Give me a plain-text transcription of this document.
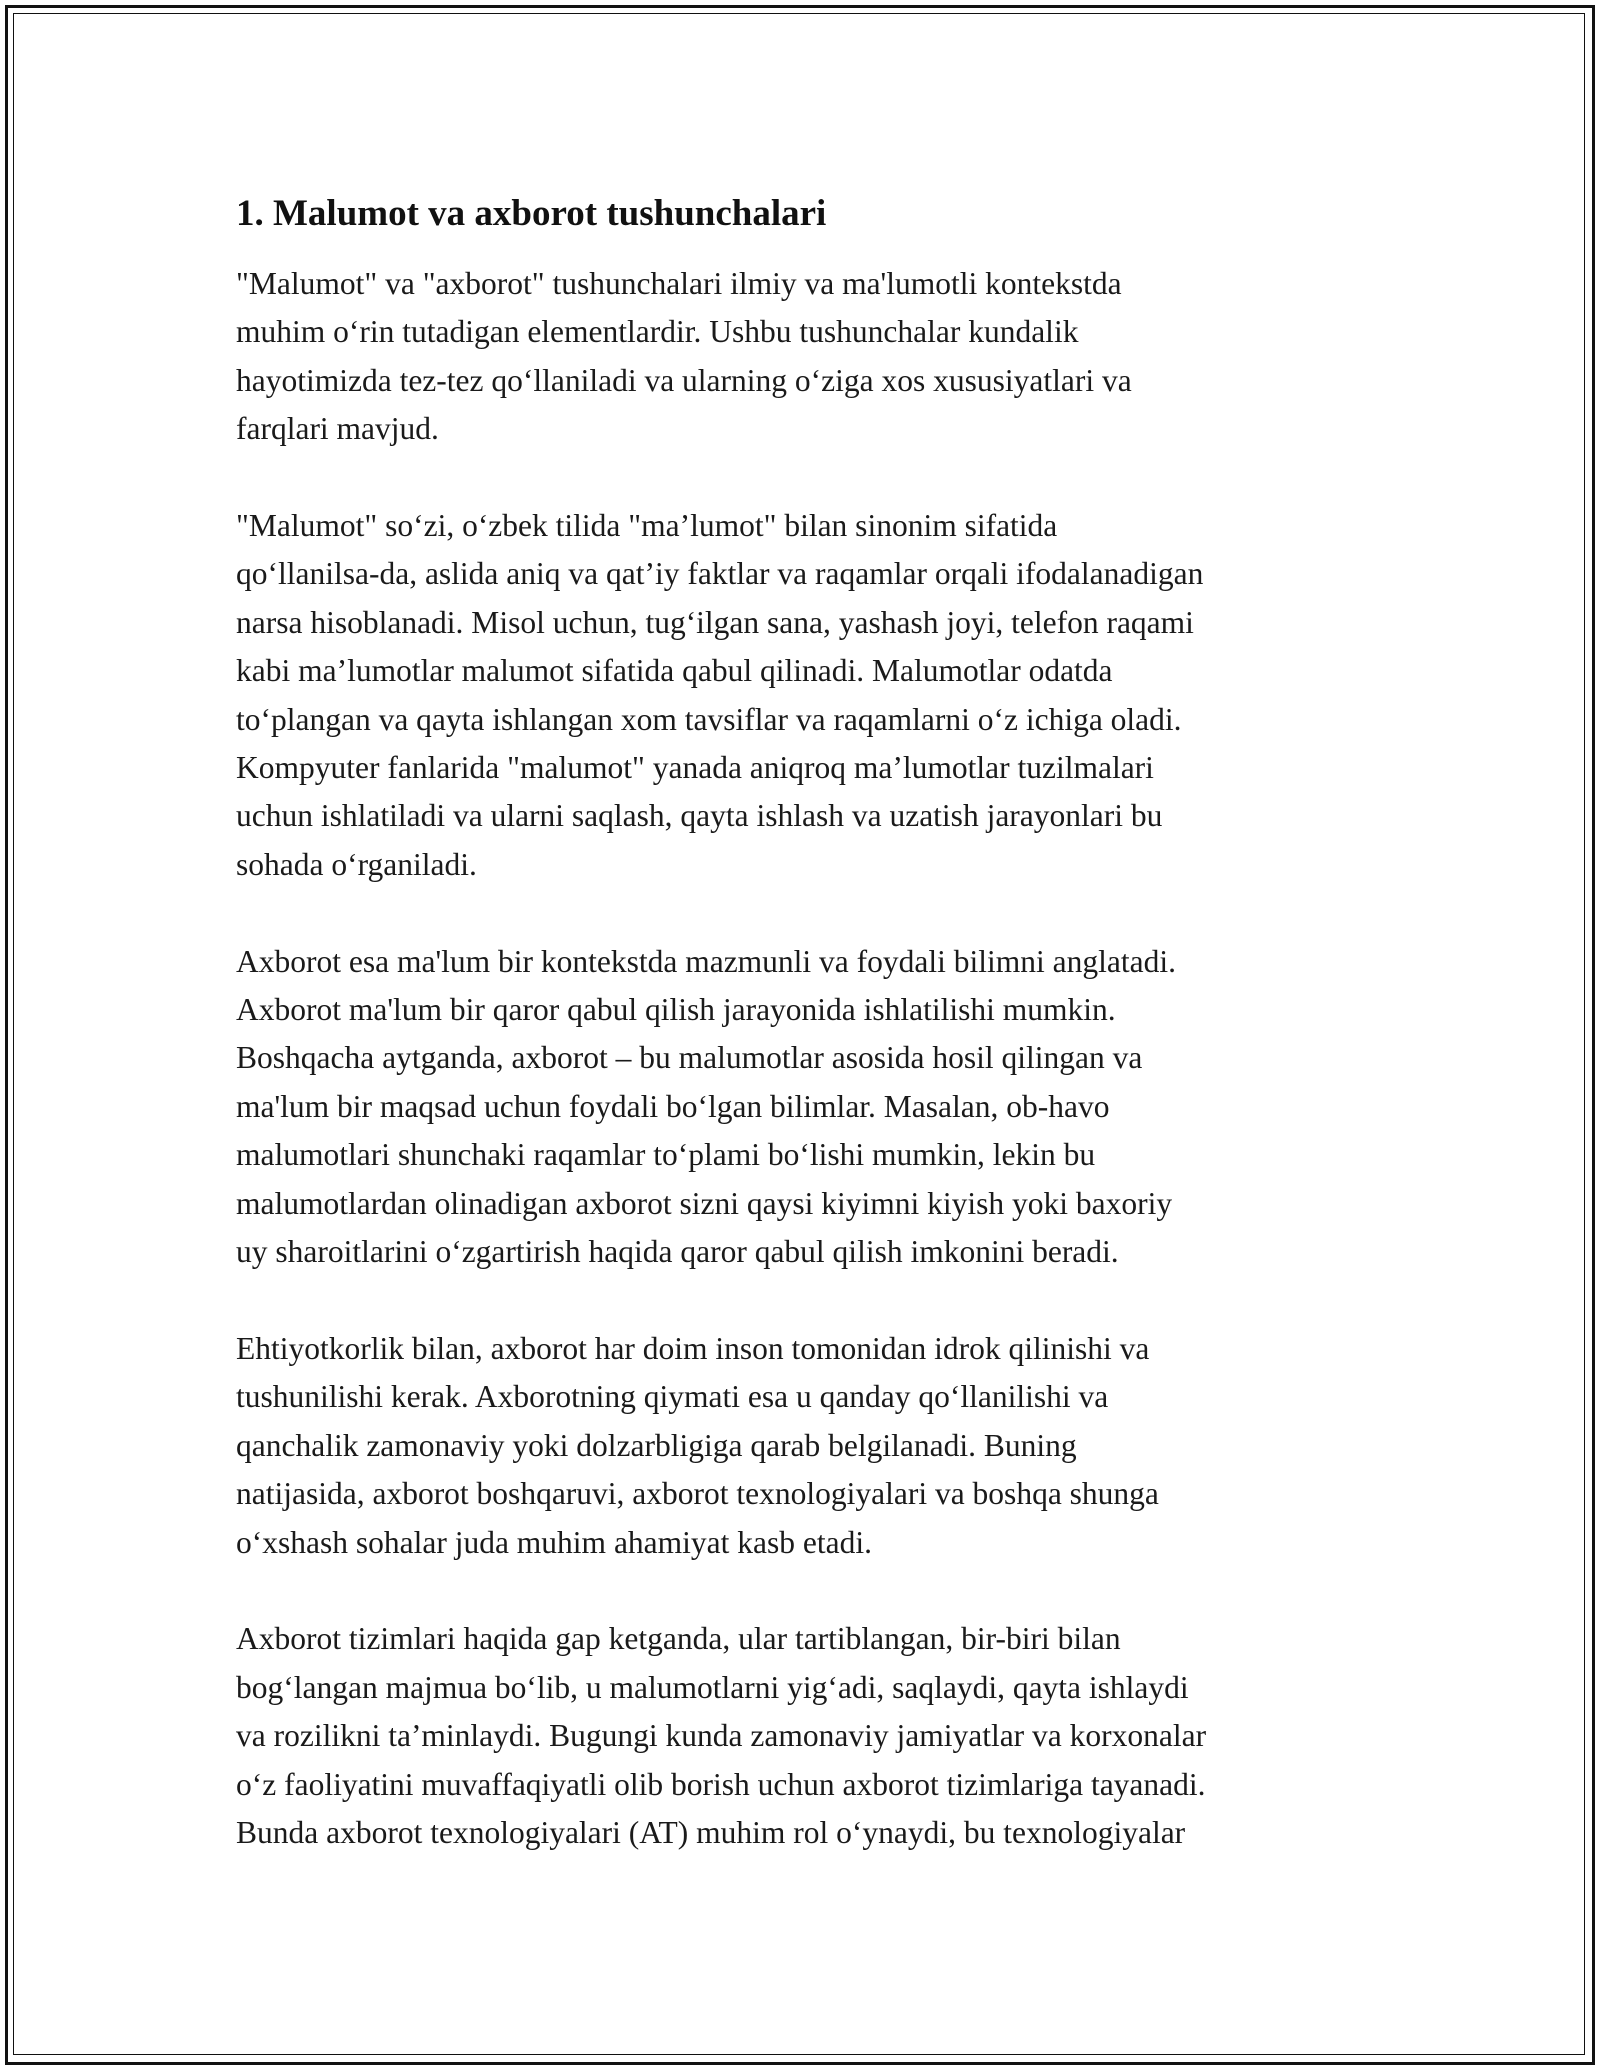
1. Malumot va axborot tushunchalari
"Malumot" va "axborot" tushunchalari ilmiy va ma'lumotli kontekstda
muhim oʻrin tutadigan elementlardir. Ushbu tushunchalar kundalik
hayotimizda tez-tez qoʻllaniladi va ularning oʻziga xos xususiyatlari va
farqlari mavjud.
"Malumot" soʻzi, oʻzbek tilida "ma’lumot" bilan sinonim sifatida
qoʻllanilsa-da, aslida aniq va qat’iy faktlar va raqamlar orqali ifodalanadigan
narsa hisoblanadi. Misol uchun, tugʻilgan sana, yashash joyi, telefon raqami
kabi ma’lumotlar malumot sifatida qabul qilinadi. Malumotlar odatda
toʻplangan va qayta ishlangan xom tavsiflar va raqamlarni oʻz ichiga oladi.
Kompyuter fanlarida "malumot" yanada aniqroq ma’lumotlar tuzilmalari
uchun ishlatiladi va ularni saqlash, qayta ishlash va uzatish jarayonlari bu
sohada oʻrganiladi.
Axborot esa ma'lum bir kontekstda mazmunli va foydali bilimni anglatadi.
Axborot ma'lum bir qaror qabul qilish jarayonida ishlatilishi mumkin.
Boshqacha aytganda, axborot – bu malumotlar asosida hosil qilingan va
ma'lum bir maqsad uchun foydali boʻlgan bilimlar. Masalan, ob-havo
malumotlari shunchaki raqamlar toʻplami boʻlishi mumkin, lekin bu
malumotlardan olinadigan axborot sizni qaysi kiyimni kiyish yoki baxoriy
uy sharoitlarini oʻzgartirish haqida qaror qabul qilish imkonini beradi.
Ehtiyotkorlik bilan, axborot har doim inson tomonidan idrok qilinishi va
tushunilishi kerak. Axborotning qiymati esa u qanday qoʻllanilishi va
qanchalik zamonaviy yoki dolzarbligiga qarab belgilanadi. Buning
natijasida, axborot boshqaruvi, axborot texnologiyalari va boshqa shunga
oʻxshash sohalar juda muhim ahamiyat kasb etadi.
Axborot tizimlari haqida gap ketganda, ular tartiblangan, bir-biri bilan
bogʻlangan majmua boʻlib, u malumotlarni yigʻadi, saqlaydi, qayta ishlaydi
va rozilikni ta’minlaydi. Bugungi kunda zamonaviy jamiyatlar va korxonalar
oʻz faoliyatini muvaffaqiyatli olib borish uchun axborot tizimlariga tayanadi.
Bunda axborot texnologiyalari (AT) muhim rol oʻynaydi, bu texnologiyalar
